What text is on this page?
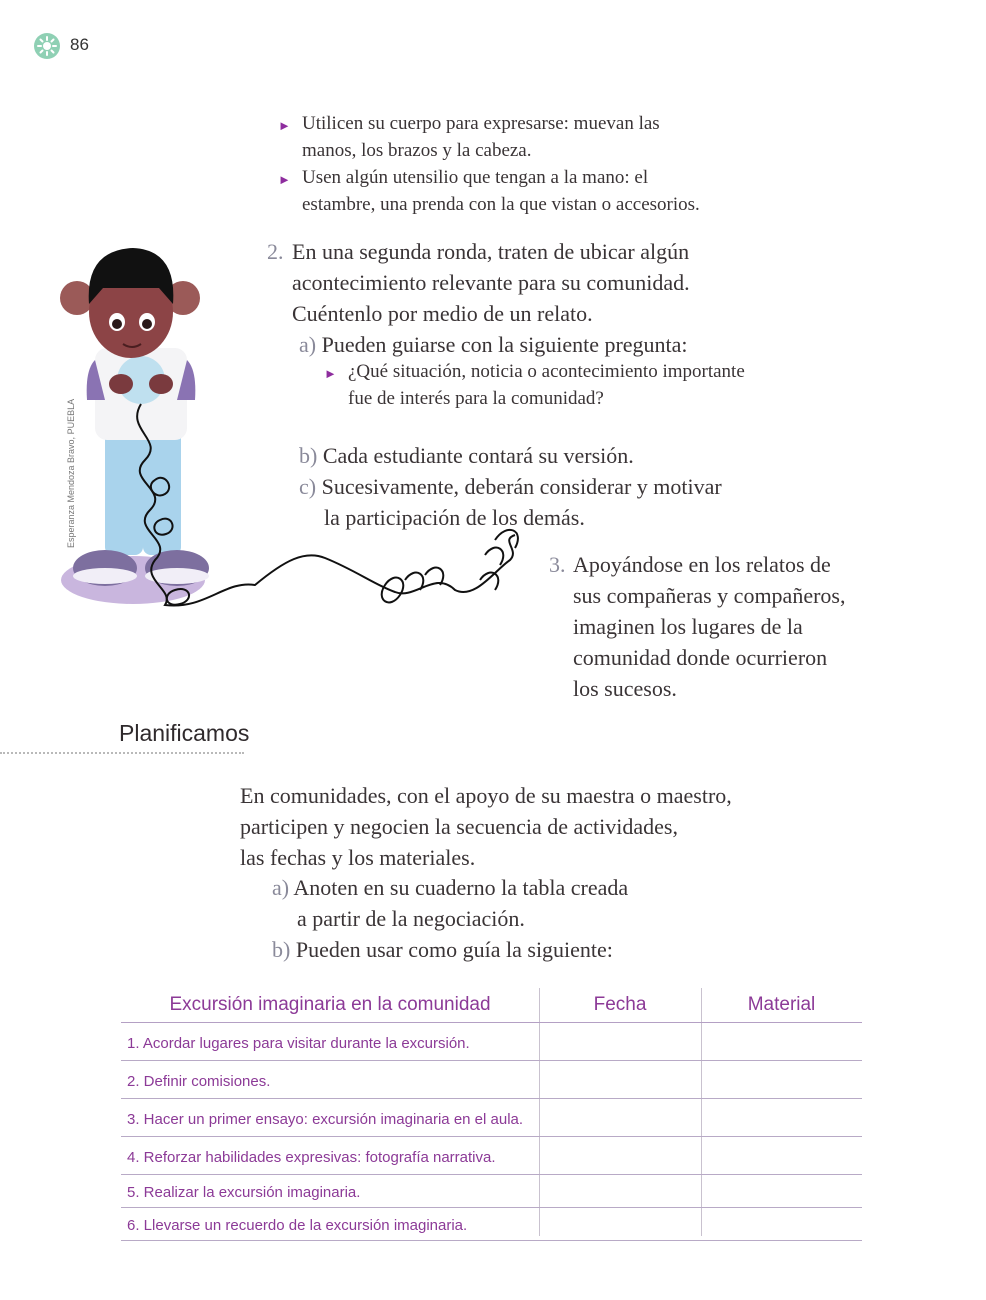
86
► Utilicen su cuerpo para expresarse: muevan las
manos, los brazos y la cabeza.
► Usen algún utensilio que tengan a la mano: el
estambre, una prenda con la que vistan o accesorios.
2. En una segunda ronda, traten de ubicar algún
acontecimiento relevante para su comunidad.
Cuéntenlo por medio de un relato.
a) Pueden guiarse con la siguiente pregunta:
► ¿Qué situación, noticia o acontecimiento importante
fue de interés para la comunidad?
b) Cada estudiante contará su versión.
c) Sucesivamente, deberán considerar y motivar
la participación de los demás.
Esperanza Mendoza Bravo, PUEBLA
3. Apoyándose en los relatos de
sus compañeras y compañeros,
imaginen los lugares de la
comunidad donde ocurrieron
los sucesos.
Planificamos
En comunidades, con el apoyo de su maestra o maestro,
participen y negocien la secuencia de actividades,
las fechas y los materiales.
a) Anoten en su cuaderno la tabla creada
a partir de la negociación.
b) Pueden usar como guía la siguiente:
Excursión imaginaria en la comunidad	Fecha	Material
1. Acordar lugares para visitar durante la excursión.
2. Definir comisiones.
3. Hacer un primer ensayo: excursión imaginaria en el aula.
4. Reforzar habilidades expresivas: fotografía narrativa.
5. Realizar la excursión imaginaria.
6. Llevarse un recuerdo de la excursión imaginaria.
